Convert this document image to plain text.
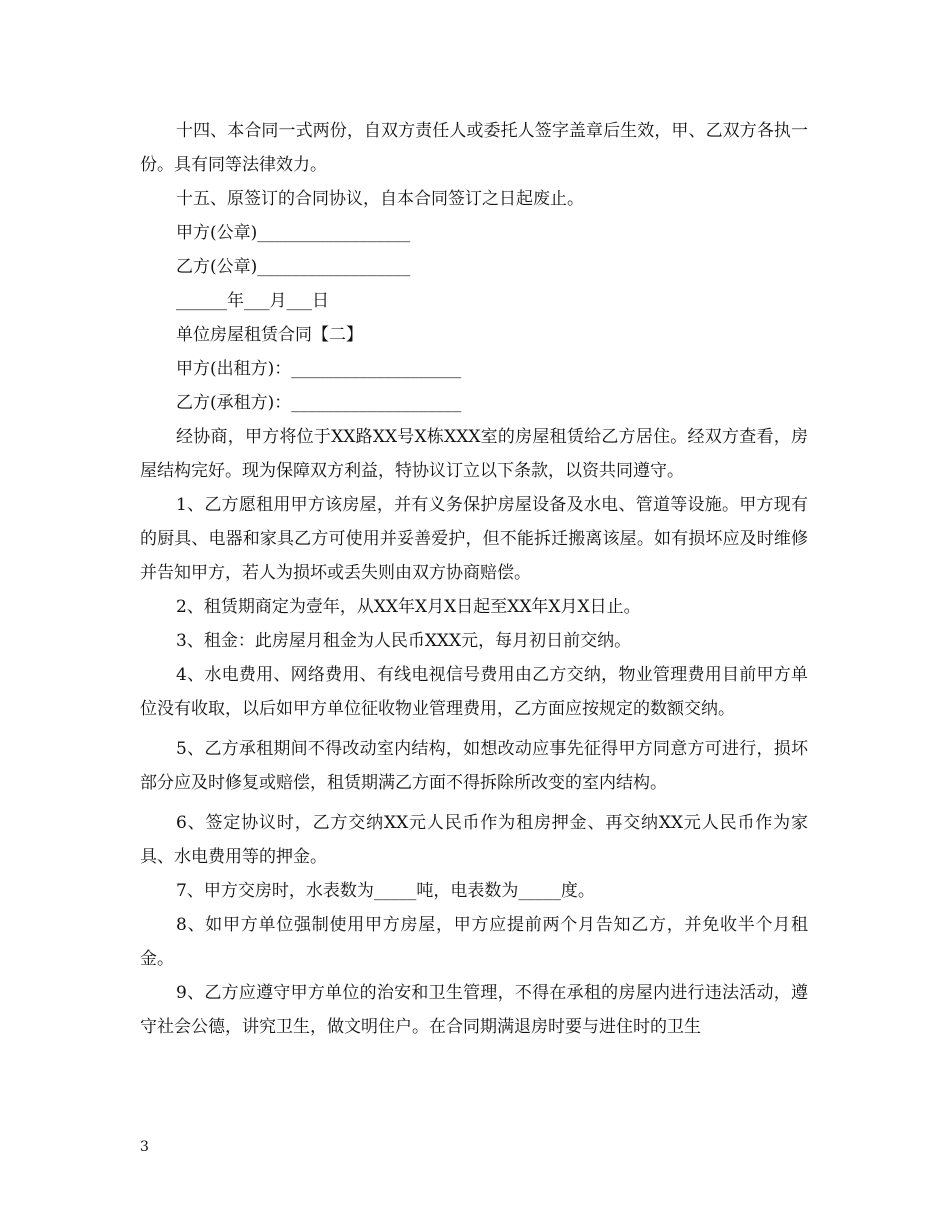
十四、本合同一式两份，自双方责任人或委托人签字盖章后生效，甲、乙双方各执一份。具有同等法律效力。

十五、原签订的合同协议，自本合同签订之日起废止。

甲方(公章)__________________

乙方(公章)__________________

______年___月___日

单位房屋租赁合同【二】

甲方(出租方)：____________________

乙方(承租方)：____________________

经协商，甲方将位于XX路XX号X栋XXX室的房屋租赁给乙方居住。经双方查看，房屋结构完好。现为保障双方利益，特协议订立以下条款，以资共同遵守。

1、乙方愿租用甲方该房屋，并有义务保护房屋设备及水电、管道等设施。甲方现有的厨具、电器和家具乙方可使用并妥善爱护，但不能拆迁搬离该屋。如有损坏应及时维修并告知甲方，若人为损坏或丢失则由双方协商赔偿。

2、租赁期商定为壹年，从XX年X月X日起至XX年X月X日止。

3、租金：此房屋月租金为人民币XXX元，每月初日前交纳。

4、水电费用、网络费用、有线电视信号费用由乙方交纳，物业管理费用目前甲方单位没有收取，以后如甲方单位征收物业管理费用，乙方面应按规定的数额交纳。

5、乙方承租期间不得改动室内结构，如想改动应事先征得甲方同意方可进行，损坏部分应及时修复或赔偿，租赁期满乙方面不得拆除所改变的室内结构。

6、签定协议时，乙方交纳XX元人民币作为租房押金、再交纳XX元人民币作为家具、水电费用等的押金。

7、甲方交房时，水表数为_____吨，电表数为_____度。

8、如甲方单位强制使用甲方房屋，甲方应提前两个月告知乙方，并免收半个月租金。

9、乙方应遵守甲方单位的治安和卫生管理，不得在承租的房屋内进行违法活动，遵守社会公德，讲究卫生，做文明住户。在合同期满退房时要与进住时的卫生

3
